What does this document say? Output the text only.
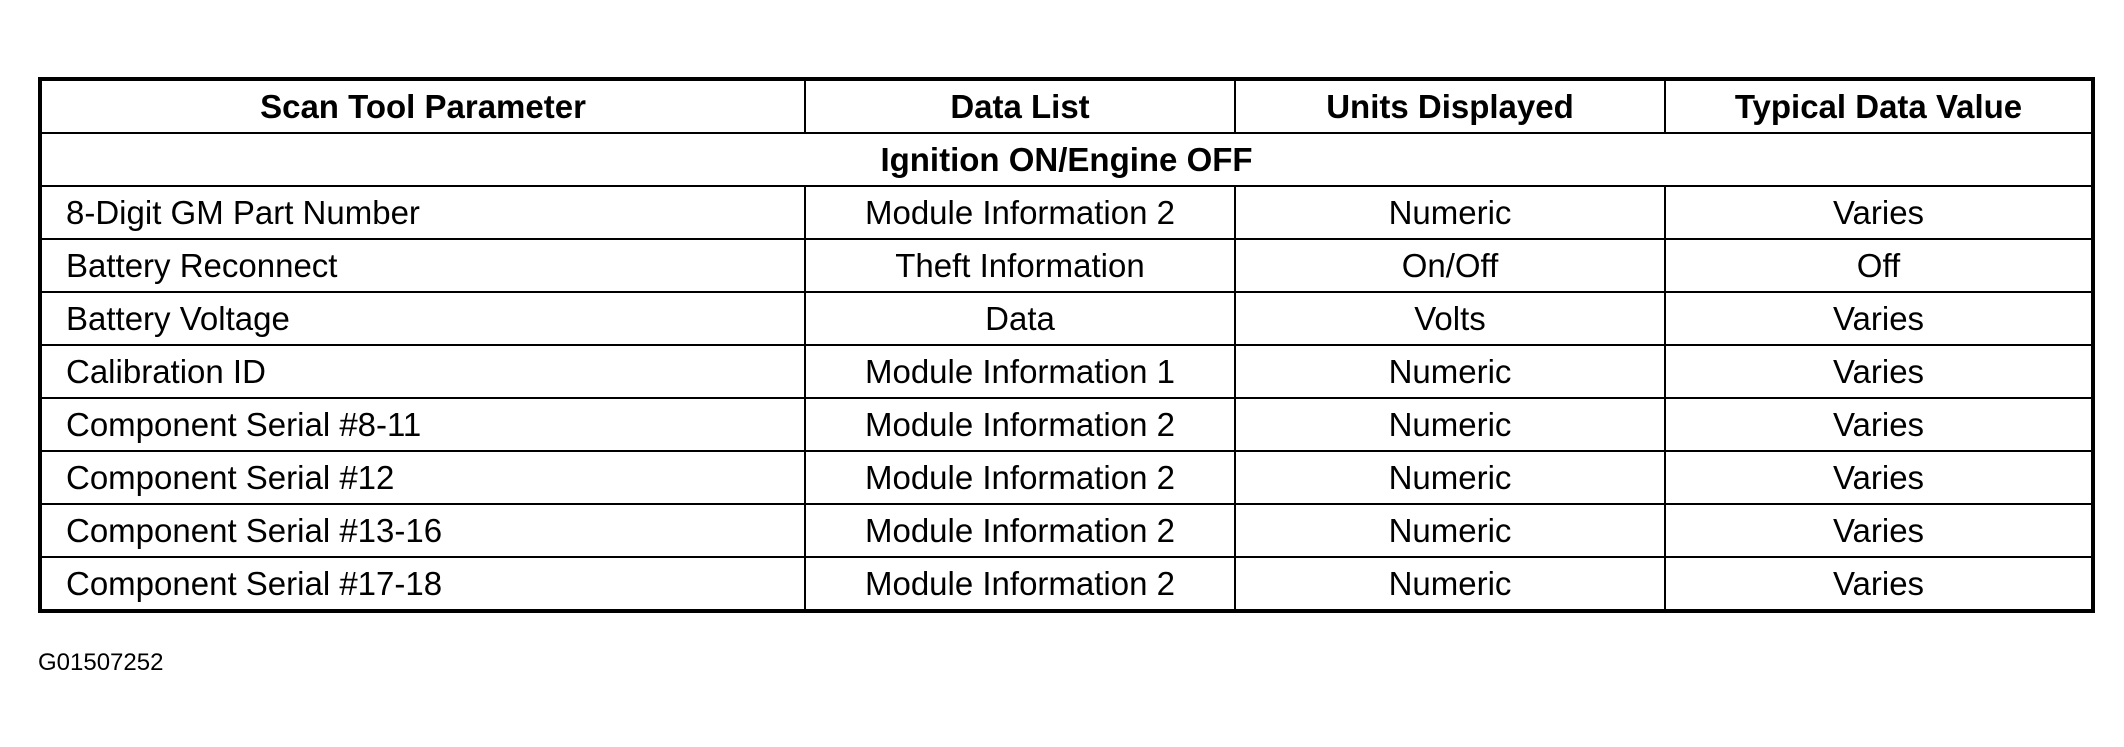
Scan Tool Parameter	Data List	Units Displayed	Typical Data Value
Ignition ON/Engine OFF			
8-Digit GM Part Number	Module Information 2	Numeric	Varies
Battery Reconnect	Theft Information	On/Off	Off
Battery Voltage	Data	Volts	Varies
Calibration ID	Module Information 1	Numeric	Varies
Component Serial #8-11	Module Information 2	Numeric	Varies
Component Serial #12	Module Information 2	Numeric	Varies
Component Serial #13-16	Module Information 2	Numeric	Varies
Component Serial #17-18	Module Information 2	Numeric	Varies
G01507252
